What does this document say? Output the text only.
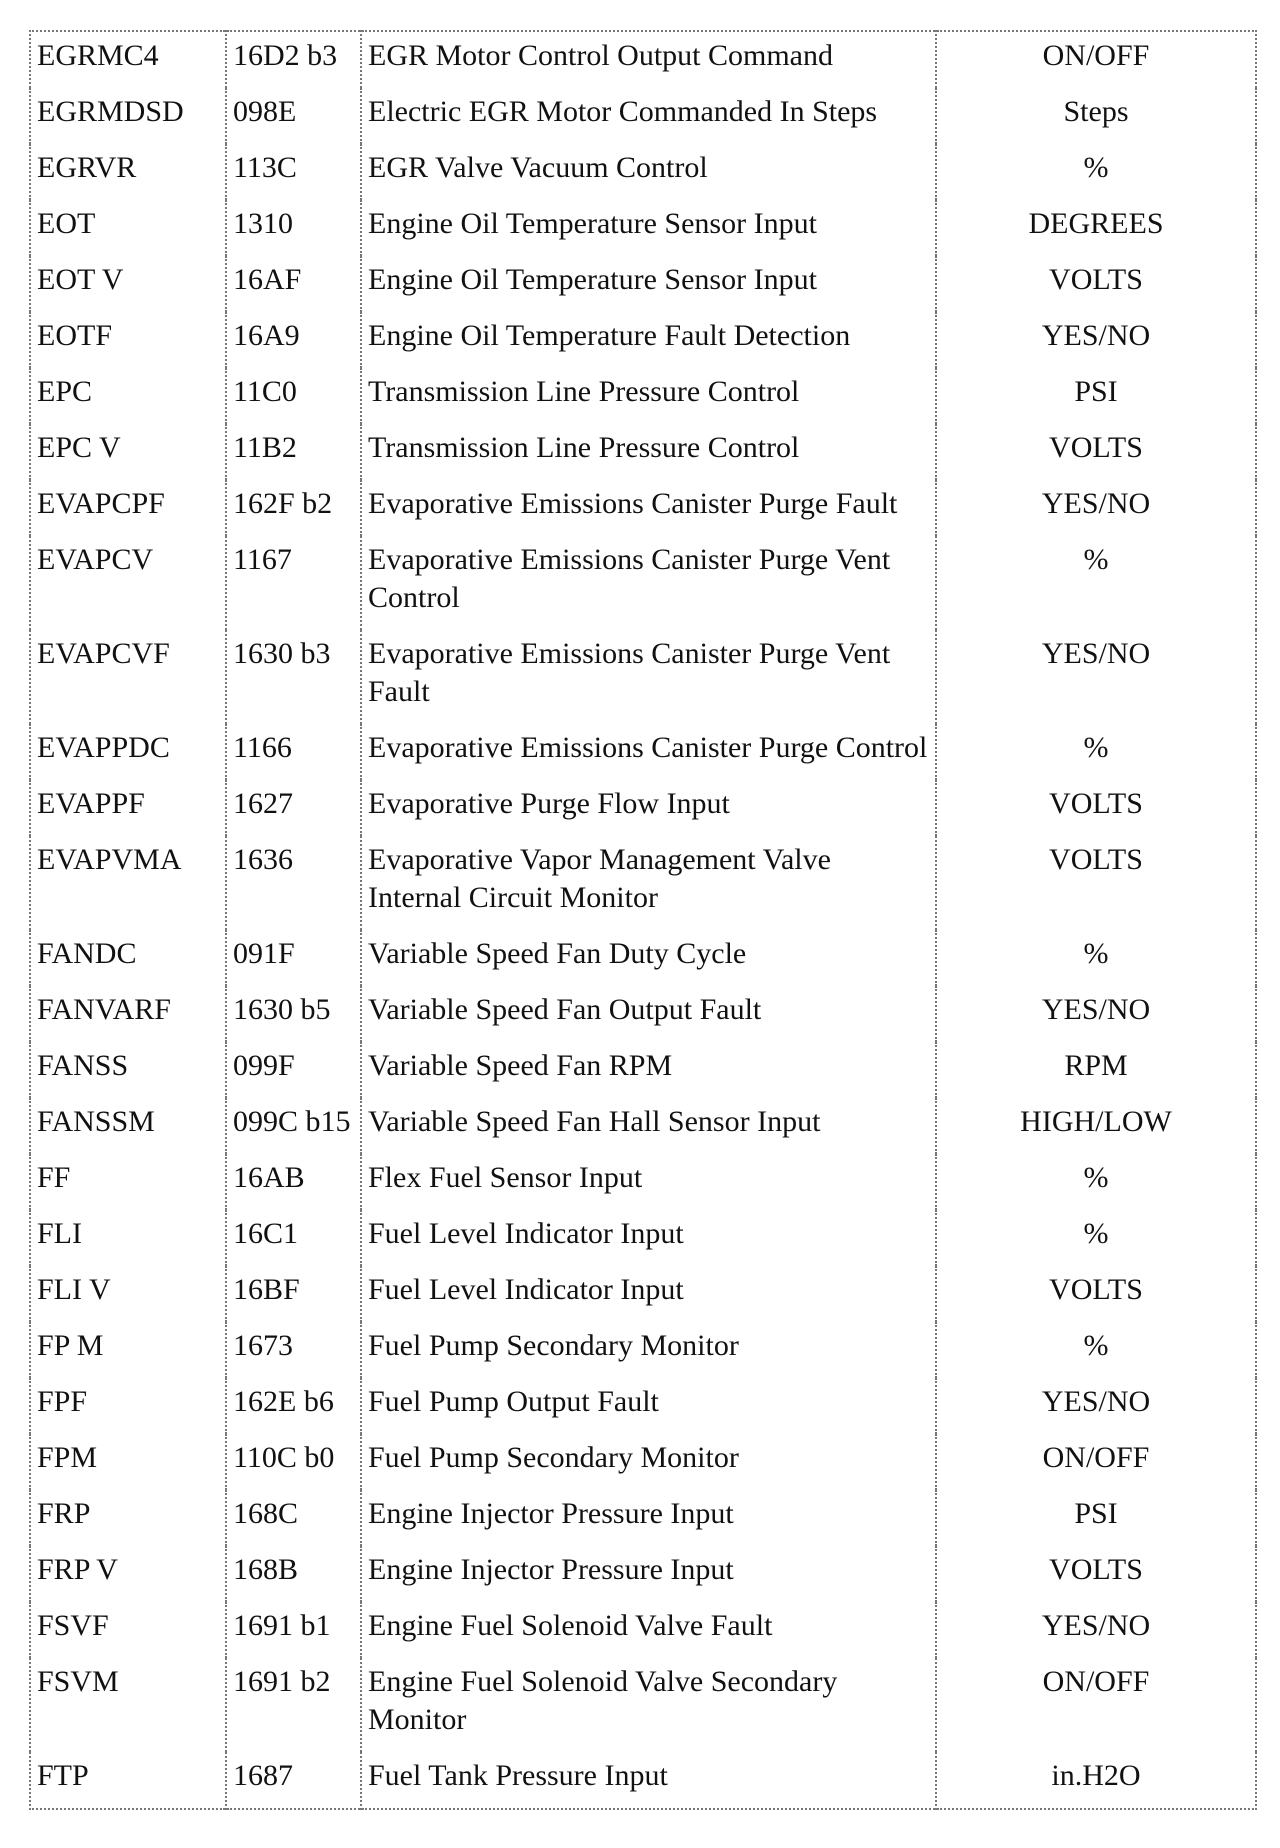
EGRMC4	16D2 b3	EGR Motor Control Output Command	ON/OFF
EGRMDSD	098E	Electric EGR Motor Commanded In Steps	Steps
EGRVR	113C	EGR Valve Vacuum Control	%
EOT	1310	Engine Oil Temperature Sensor Input	DEGREES
EOT V	16AF	Engine Oil Temperature Sensor Input	VOLTS
EOTF	16A9	Engine Oil Temperature Fault Detection	YES/NO
EPC	11C0	Transmission Line Pressure Control	PSI
EPC V	11B2	Transmission Line Pressure Control	VOLTS
EVAPCPF	162F b2	Evaporative Emissions Canister Purge Fault	YES/NO
EVAPCV	1167	Evaporative Emissions Canister Purge Vent Control	%
EVAPCVF	1630 b3	Evaporative Emissions Canister Purge Vent Fault	YES/NO
EVAPPDC	1166	Evaporative Emissions Canister Purge Control	%
EVAPPF	1627	Evaporative Purge Flow Input	VOLTS
EVAPVMA	1636	Evaporative Vapor Management Valve Internal Circuit Monitor	VOLTS
FANDC	091F	Variable Speed Fan Duty Cycle	%
FANVARF	1630 b5	Variable Speed Fan Output Fault	YES/NO
FANSS	099F	Variable Speed Fan RPM	RPM
FANSSM	099C b15	Variable Speed Fan Hall Sensor Input	HIGH/LOW
FF	16AB	Flex Fuel Sensor Input	%
FLI	16C1	Fuel Level Indicator Input	%
FLI V	16BF	Fuel Level Indicator Input	VOLTS
FP M	1673	Fuel Pump Secondary Monitor	%
FPF	162E b6	Fuel Pump Output Fault	YES/NO
FPM	110C b0	Fuel Pump Secondary Monitor	ON/OFF
FRP	168C	Engine Injector Pressure Input	PSI
FRP V	168B	Engine Injector Pressure Input	VOLTS
FSVF	1691 b1	Engine Fuel Solenoid Valve Fault	YES/NO
FSVM	1691 b2	Engine Fuel Solenoid Valve Secondary Monitor	ON/OFF
FTP	1687	Fuel Tank Pressure Input	in.H2O
